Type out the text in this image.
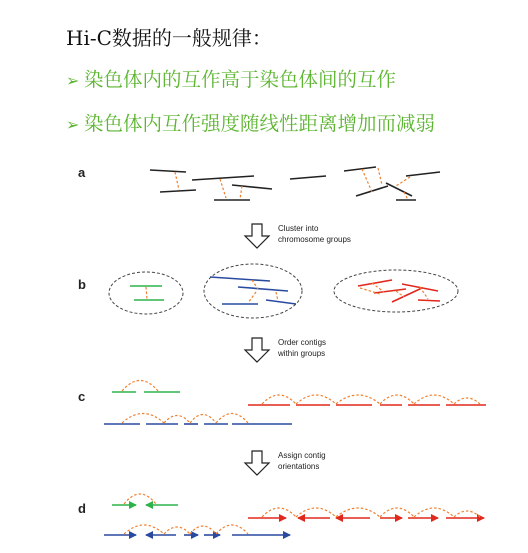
Hi-C数据的一般规律：
➢ 染色体内的互作高于染色体间的互作
➢ 染色体内互作强度随线性距离增加而减弱
a
b
c
d
Cluster into
chromosome groups
Order contigs
within groups
Assign contig
orientations
